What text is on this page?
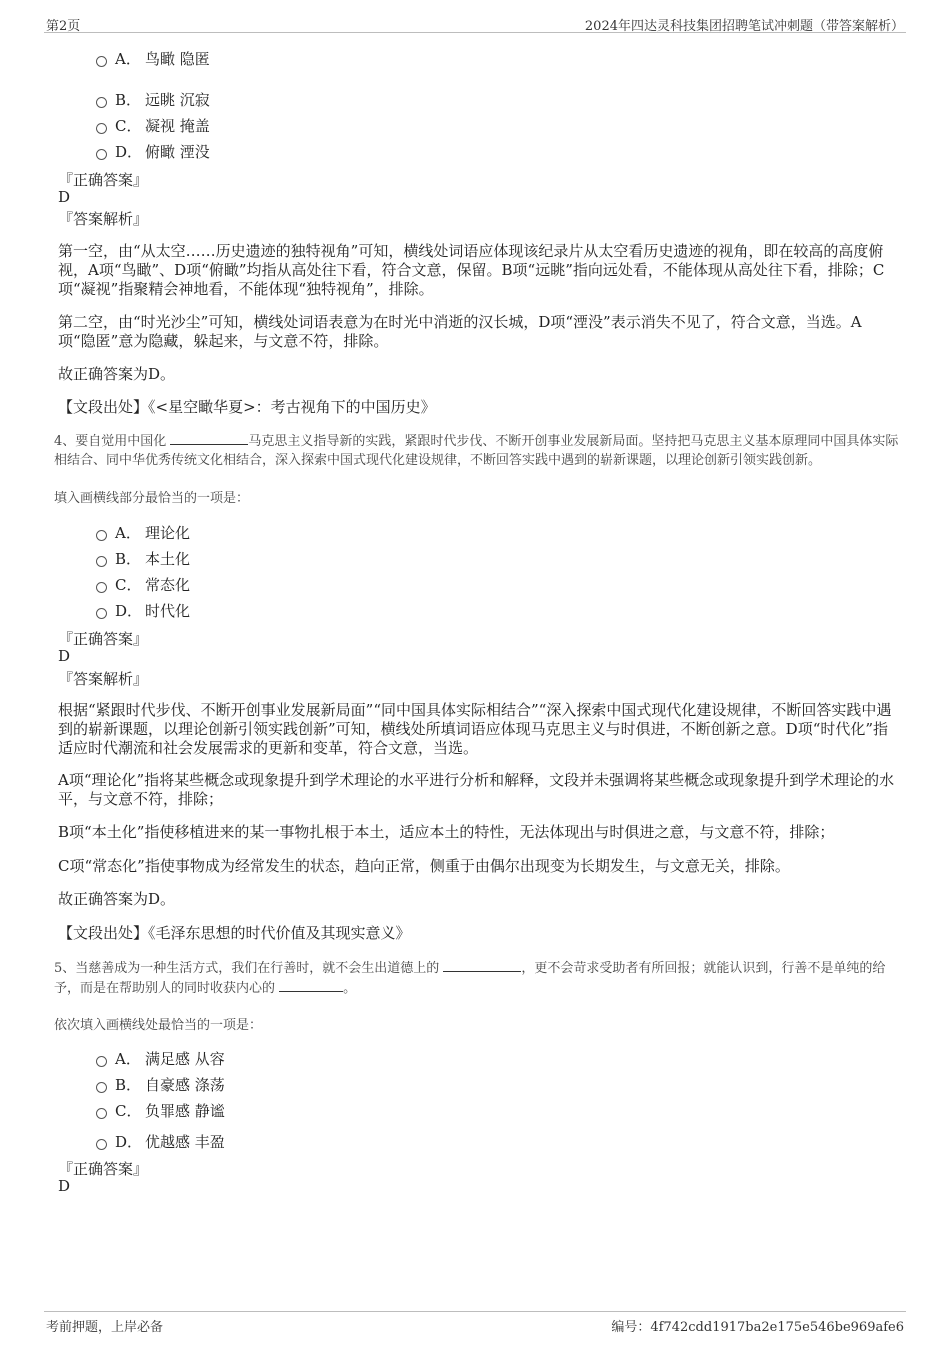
第2页	2024年四达灵科技集团招聘笔试冲刺题（带答案解析）
A． 鸟瞰 隐匿
B． 远眺 沉寂
C． 凝视 掩盖
D． 俯瞰 湮没
『正确答案』
D
『答案解析』
第一空，由“从太空……历史遗迹的独特视角”可知，横线处词语应体现该纪录片从太空看历史遗迹的视角，即在较高的高度俯视，A项“鸟瞰”、D项“俯瞰”均指从高处往下看，符合文意，保留。B项“远眺”指向远处看，不能体现从高处往下看，排除；C项“凝视”指聚精会神地看，不能体现“独特视角”，排除。
第二空，由“时光沙尘”可知，横线处词语表意为在时光中消逝的汉长城，D项“湮没”表示消失不见了，符合文意，当选。A项“隐匿”意为隐藏，躲起来，与文意不符，排除。
故正确答案为D。
【文段出处】《<星空瞰华夏>：考古视角下的中国历史》
4、要自觉用中国化	马克思主义指导新的实践，紧跟时代步伐、不断开创事业发展新局面。坚持把马克思主义基本原理同中国具体实际相结合、同中华优秀传统文化相结合，深入探索中国式现代化建设规律，不断回答实践中遇到的崭新课题，以理论创新引领实践创新。
填入画横线部分最恰当的一项是：
A． 理论化
B． 本土化
C． 常态化
D． 时代化
『正确答案』
D
『答案解析』
根据“紧跟时代步伐、不断开创事业发展新局面”“同中国具体实际相结合”“深入探索中国式现代化建设规律，不断回答实践中遇到的崭新课题，以理论创新引领实践创新”可知，横线处所填词语应体现马克思主义与时俱进，不断创新之意。D项“时代化”指适应时代潮流和社会发展需求的更新和变革，符合文意，当选。
A项“理论化”指将某些概念或现象提升到学术理论的水平进行分析和解释，文段并未强调将某些概念或现象提升到学术理论的水平，与文意不符，排除；
B项“本土化”指使移植进来的某一事物扎根于本土，适应本土的特性，无法体现出与时俱进之意，与文意不符，排除；
C项“常态化”指使事物成为经常发生的状态，趋向正常，侧重于由偶尔出现变为长期发生，与文意无关，排除。
故正确答案为D。
【文段出处】《毛泽东思想的时代价值及其现实意义》
5、当慈善成为一种生活方式，我们在行善时，就不会生出道德上的	，更不会苛求受助者有所回报；就能认识到，行善不是单纯的给予，而是在帮助别人的同时收获内心的	。
依次填入画横线处最恰当的一项是：
A． 满足感 从容
B． 自豪感 涤荡
C． 负罪感 静谧
D． 优越感 丰盈
『正确答案』
D
考前押题，上岸必备	编号：4f742cdd1917ba2e175e546be969afe6
